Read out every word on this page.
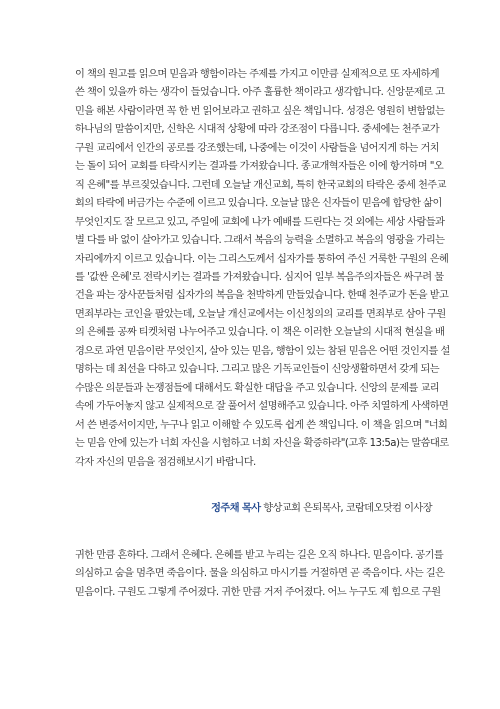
이 책의 원고를 읽으며 믿음과 행함이라는 주제를 가지고 이만큼 실제적으로 또 자세하게
쓴 책이 있을까 하는 생각이 들었습니다. 아주 훌륭한 책이라고 생각합니다. 신앙문제로 고
민을 해본 사람이라면 꼭 한 번 읽어보라고 권하고 싶은 책입니다. 성경은 영원히 변함없는
하나님의 말씀이지만, 신학은 시대적 상황에 따라 강조점이 다릅니다. 중세에는 천주교가
구원 교리에서 인간의 공로를 강조했는데, 나중에는 이것이 사람들을 넘어지게 하는 거치
는 돌이 되어 교회를 타락시키는 결과를 가져왔습니다. 종교개혁자들은 이에 항거하며 "오
직 은혜"를 부르짖었습니다. 그런데 오늘날 개신교회, 특히 한국교회의 타락은 중세 천주교
회의 타락에 버금가는 수준에 이르고 있습니다. 오늘날 많은 신자들이 믿음에 합당한 삶이
무엇인지도 잘 모르고 있고, 주일에 교회에 나가 예배를 드린다는 것 외에는 세상 사람들과
별 다를 바 없이 살아가고 있습니다. 그래서 복음의 능력을 소멸하고 복음의 영광을 가리는
자리에까지 이르고 있습니다. 이는 그리스도께서 십자가를 통하여 주신 거룩한 구원의 은혜
를 '값싼 은혜'로 전락시키는 결과를 가져왔습니다. 심지어 일부 복음주의자들은 싸구려 물
건을 파는 장사꾼들처럼 십자가의 복음을 천박하게 만들었습니다. 한때 천주교가 돈을 받고
면죄부라는 코인을 팔았는데, 오늘날 개신교에서는 이신칭의의 교리를 면죄부로 삼아 구원
의 은혜를 공짜 티켓처럼 나누어주고 있습니다. 이 책은 이러한 오늘날의 시대적 현실을 배
경으로 과연 믿음이란 무엇인지, 살아 있는 믿음, 행함이 있는 참된 믿음은 어떤 것인지를 설
명하는 데 최선을 다하고 있습니다. 그리고 많은 기독교인들이 신앙생활하면서 갖게 되는
수많은 의문들과 논쟁점들에 대해서도 확실한 대답을 주고 있습니다. 신앙의 문제를 교리
속에 가두어놓지 않고 실제적으로 잘 풀어서 설명해주고 있습니다. 아주 치열하게 사색하면
서 쓴 변증서이지만, 누구나 읽고 이해할 수 있도록 쉽게 쓴 책입니다. 이 책을 읽으며 "너희
는 믿음 안에 있는가 너희 자신을 시험하고 너희 자신을 확증하라"(고후 13:5a)는 말씀대로
각자 자신의 믿음을 점검해보시기 바랍니다.
정주채 목사 향상교회 은퇴목사, 코람데오닷컴 이사장
귀한 만큼 흔하다. 그래서 은혜다. 은혜를 받고 누리는 길은 오직 하나다. 믿음이다. 공기를
의심하고 숨을 멈추면 죽음이다. 물을 의심하고 마시기를 거절하면 곧 죽음이다. 사는 길은
믿음이다. 구원도 그렇게 주어졌다. 귀한 만큼 거저 주어졌다. 어느 누구도 제 힘으로 구원
